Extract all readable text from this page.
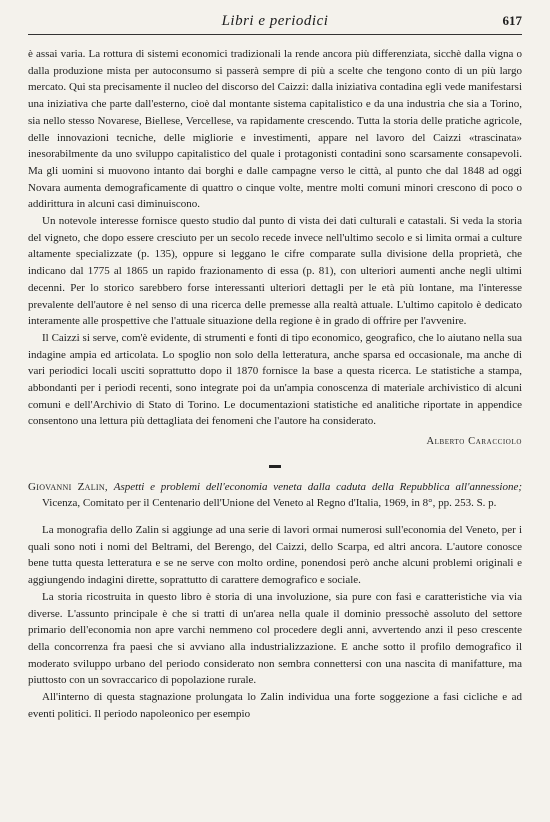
Libri e periodici	617

è assai varia. La rottura di sistemi economici tradizionali la rende ancora più differenziata, sicchè dalla vigna o dalla produzione mista per autoconsumo si passerà sempre di più a scelte che tengono conto di un più largo mercato. Qui sta precisamente il nucleo del discorso del Caizzi: dalla iniziativa contadina egli vede manifestarsi una iniziativa che parte dall'esterno, cioè dal montante sistema capitalistico e da una industria che sia a Torino, sia nello stesso Novarese, Biellese, Vercellese, va rapidamente crescendo. Tutta la storia delle pratiche agricole, delle innovazioni tecniche, delle migliorie e investimenti, appare nel lavoro del Caizzi «trascinata» inesorabilmente da uno sviluppo capitalistico del quale i protagonisti contadini sono scarsamente consapevoli. Ma gli uomini si muovono intanto dai borghi e dalle campagne verso le città, al punto che dal 1848 ad oggi Novara aumenta demograficamente di quattro o cinque volte, mentre molti comuni minori crescono di poco o addirittura in alcuni casi diminuiscono.

Un notevole interesse fornisce questo studio dal punto di vista dei dati culturali e catastali. Si veda la storia del vigneto, che dopo essere cresciuto per un secolo recede invece nell'ultimo secolo e si limita ormai a culture altamente specializzate (p. 135), oppure si leggano le cifre comparate sulla divisione della proprietà, che indicano dal 1775 al 1865 un rapido frazionamento di essa (p. 81), con ulteriori aumenti anche negli ultimi decenni. Per lo storico sarebbero forse interessanti ulteriori dettagli per le età più lontane, ma l'interesse prevalente dell'autore è nel senso di una ricerca delle premesse alla realtà attuale. L'ultimo capitolo è dedicato interamente alle prospettive che l'attuale situazione della regione è in grado di offrire per l'avvenire.

Il Caizzi si serve, com'è evidente, di strumenti e fonti di tipo economico, geografico, che lo aiutano nella sua indagine ampia ed articolata. Lo spoglio non solo della letteratura, anche sparsa ed occasionale, ma anche di vari periodici locali usciti soprattutto dopo il 1870 fornisce la base a questa ricerca. Le statistiche a stampa, abbondanti per i periodi recenti, sono integrate poi da un'ampia conoscenza di materiale archivistico di alcuni comuni e dell'Archivio di Stato di Torino. Le documentazioni statistiche ed analitiche riportate in appendice consentono una lettura più dettagliata dei fenomeni che l'autore ha considerato.

Alberto Caracciolo

Giovanni Zalin, Aspetti e problemi dell'economia veneta dalla caduta della Repubblica all'annessione; Vicenza, Comitato per il Centenario dell'Unione del Veneto al Regno d'Italia, 1969, in 8°, pp. 253. S. p.

La monografia dello Zalin si aggiunge ad una serie di lavori ormai numerosi sull'economia del Veneto, per i quali sono noti i nomi del Beltrami, del Berengo, del Caizzi, dello Scarpa, ed altri ancora. L'autore conosce bene tutta questa letteratura e se ne serve con molto ordine, ponendosi però anche alcuni problemi originali e aggiungendo indagini dirette, soprattutto di carattere demografico e sociale.

La storia ricostruita in questo libro è storia di una involuzione, sia pure con fasi e caratteristiche via via diverse. L'assunto principale è che si tratti di un'area nella quale il dominio pressochè assoluto del settore primario dell'economia non apre varchi nemmeno col procedere degli anni, avvertendo anzi il peso crescente della concorrenza fra paesi che si avviano alla industrializzazione. E anche sotto il profilo demografico il moderato sviluppo urbano del periodo considerato non sembra connettersi con una nascita di manifatture, ma piuttosto con un sovraccarico di popolazione rurale.

All'interno di questa stagnazione prolungata lo Zalin individua una forte soggezione a fasi cicliche e ad eventi politici. Il periodo napoleonico per esempio
